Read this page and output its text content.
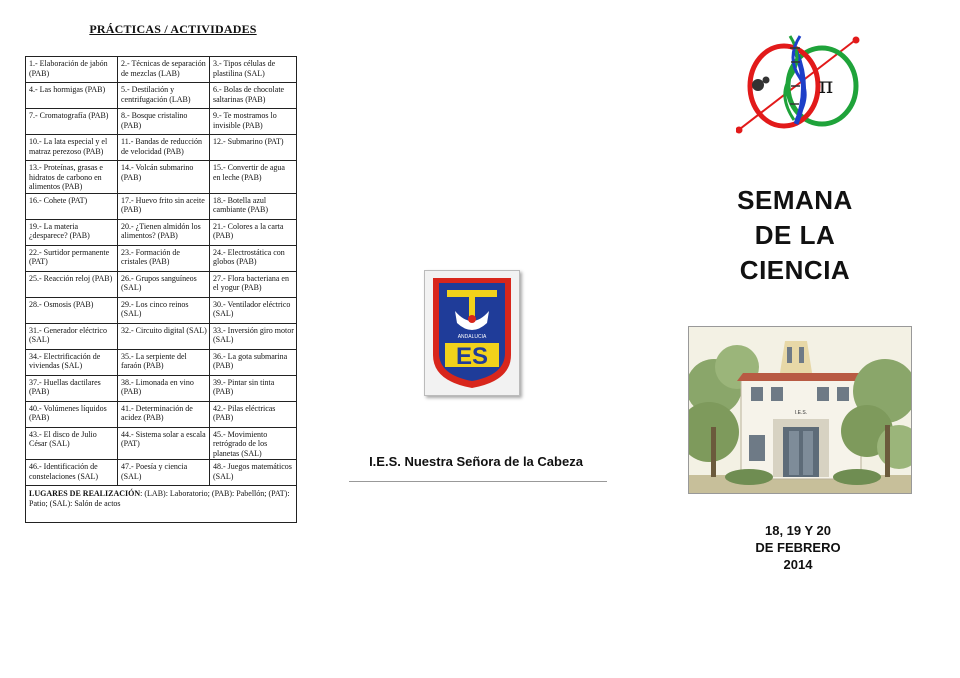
PRÁCTICAS / ACTIVIDADES
1.- Elaboración de jabón (PAB)	2.- Técnicas de separación de mezclas (LAB)	3.- Tipos células de plastilina (SAL)
4.- Las hormigas (PAB)	5.- Destilación y centrifugación (LAB)	6.- Bolas de chocolate saltarinas (PAB)
7.- Cromatografía (PAB)	8.- Bosque cristalino (PAB)	9.- Te mostramos lo invisible (PAB)
10.- La lata especial y el matraz perezoso (PAB)	11.- Bandas de reducción de velocidad (PAB)	12.- Submarino (PAT)
13.- Proteínas, grasas e hidratos de carbono en alimentos (PAB)	14.- Volcán submarino (PAB)	15.- Convertir de agua en leche (PAB)
16.- Cohete (PAT)	17.- Huevo frito sin aceite (PAB)	18.- Botella azul cambiante (PAB)
19.- La materia ¿desparece? (PAB)	20.- ¿Tienen almidón los alimentos? (PAB)	21.- Colores a la carta (PAB)
22.- Surtidor permanente (PAT)	23.- Formación de cristales (PAB)	24.- Electrostática con globos (PAB)
25.- Reacción reloj (PAB)	26.- Grupos sanguíneos (SAL)	27.- Flora bacteriana en el yogur (PAB)
28.- Osmosis (PAB)	29.- Los cinco reinos (SAL)	30.- Ventilador eléctrico (SAL)
31.- Generador eléctrico (SAL)	32.- Circuito digital (SAL)	33.- Inversión giro motor (SAL)
34.- Electrificación de viviendas (SAL)	35.- La serpiente del faraón (PAB)	36.- La gota submarina (PAB)
37.- Huellas dactilares (PAB)	38.- Limonada en vino (PAB)	39.- Pintar sin tinta (PAB)
40.- Volúmenes líquidos (PAB)	41.- Determinación de acidez (PAB)	42.- Pilas eléctricas (PAB)
43.- El disco de Julio César (SAL)	44.- Sistema solar a escala (PAT)	45.- Movimiento retrógrado de los planetas (SAL)
46.- Identificación de constelaciones (SAL)	47.- Poesía y ciencia (SAL)	48.- Juegos matemáticos (SAL)
LUGARES DE REALIZACIÓN: (LAB): Laboratorio; (PAB): Pabellón; (PAT): Patio; (SAL): Salón de actos		
ANDALUCIA
ES
I.E.S. Nuestra Señora de la Cabeza
π
SEMANA
DE LA
CIENCIA
I.E.S.
18, 19 Y 20
DE FEBRERO
2014
